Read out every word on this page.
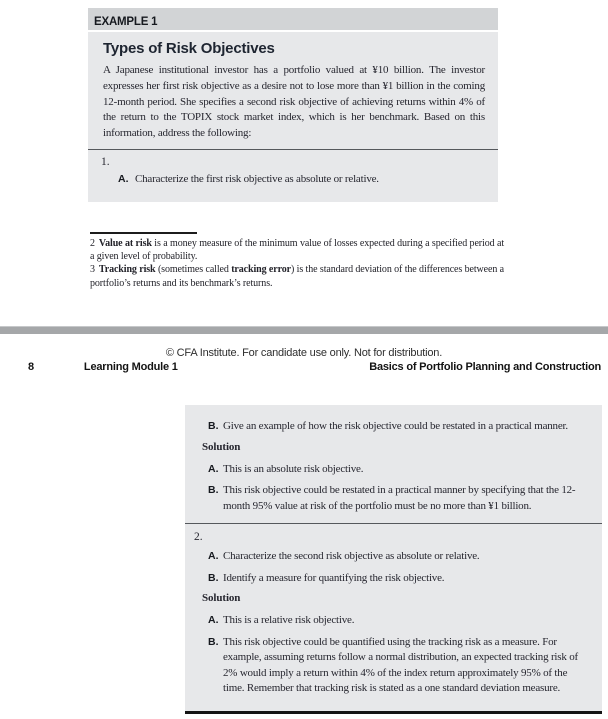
EXAMPLE 1
Types of Risk Objectives

A Japanese institutional investor has a portfolio valued at ¥10 billion. The investor expresses her first risk objective as a desire not to lose more than ¥1 billion in the coming 12-month period. She specifies a second risk objective of achieving returns within 4% of the return to the TOPIX stock market index, which is her benchmark. Based on this information, address the following:

1.
A. Characterize the first risk objective as absolute or relative.

2 Value at risk is a money measure of the minimum value of losses expected during a specified period at a given level of probability.

3 Tracking risk (sometimes called tracking error) is the standard deviation of the differences between a portfolio’s returns and its benchmark’s returns.

© CFA Institute. For candidate use only. Not for distribution.
8	Learning Module 1	Basics of Portfolio Planning and Construction
B. Give an example of how the risk objective could be restated in a practical manner.
Solution
A. This is an absolute risk objective.
B. This risk objective could be restated in a practical manner by specifying that the 12-month 95% value at risk of the portfolio must be no more than ¥1 billion.
2.
A. Characterize the second risk objective as absolute or relative.
B. Identify a measure for quantifying the risk objective.
Solution
A. This is a relative risk objective.
B. This risk objective could be quantified using the tracking risk as a measure. For example, assuming returns follow a normal distribution, an expected tracking risk of 2% would imply a return within 4% of the index return approximately 95% of the time. Remember that tracking risk is stated as a one standard deviation measure.
